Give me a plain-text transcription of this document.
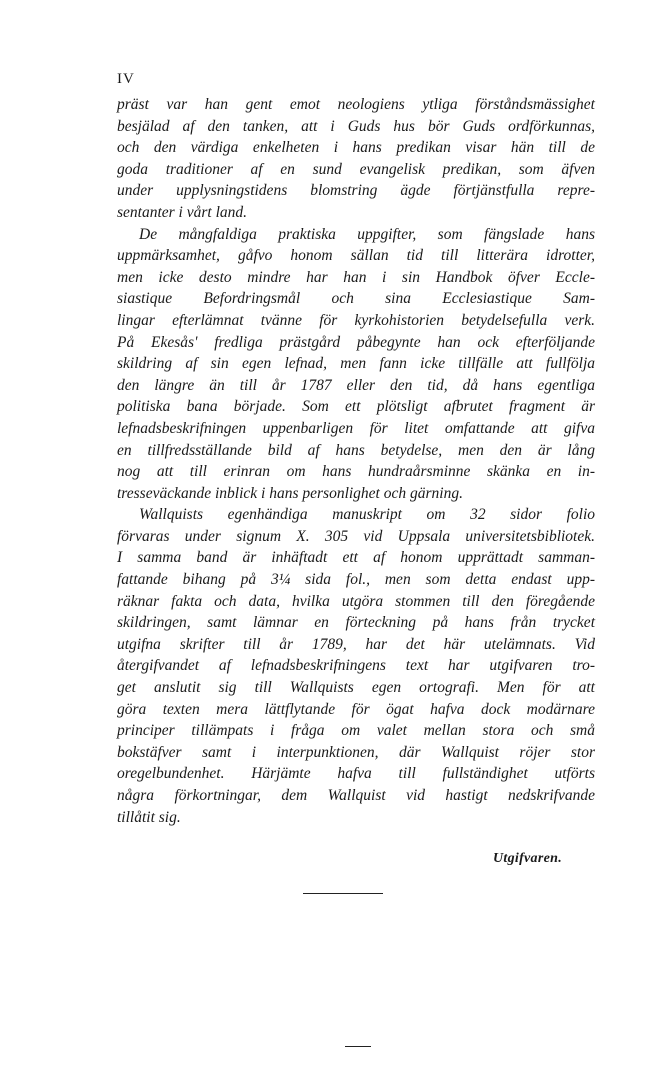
IV
präst var han gent emot neologiens ytliga förståndsmässighet
besjälad af den tanken, att i Guds hus bör Guds ordförkunnas,
och den värdiga enkelheten i hans predikan visar hän till de
goda traditioner af en sund evangelisk predikan, som äfven
under upplysningstidens blomstring ägde förtjänstfulla repre-
sentanter i vårt land.
De mångfaldiga praktiska uppgifter, som fängslade hans
uppmärksamhet, gåfvo honom sällan tid till litterära idrotter,
men icke desto mindre har han i sin Handbok öfver Eccle-
siastique Befordringsmål och sina Ecclesiastique Sam-
lingar efterlämnat tvänne för kyrkohistorien betydelsefulla verk.
På Ekesås' fredliga prästgård påbegynte han ock efterföljande
skildring af sin egen lefnad, men fann icke tillfälle att fullfölja
den längre än till år 1787 eller den tid, då hans egentliga
politiska bana började. Som ett plötsligt afbrutet fragment är
lefnadsbeskrifningen uppenbarligen för litet omfattande att gifva
en tillfredsställande bild af hans betydelse, men den är lång
nog att till erinran om hans hundraårsminne skänka en in-
tresseväckande inblick i hans personlighet och gärning.
Wallquists egenhändiga manuskript om 32 sidor folio
förvaras under signum X. 305 vid Uppsala universitetsbibliotek.
I samma band är inhäftadt ett af honom upprättadt samman-
fattande bihang på 3¼ sida fol., men som detta endast upp-
räknar fakta och data, hvilka utgöra stommen till den föregående
skildringen, samt lämnar en förteckning på hans från trycket
utgifna skrifter till år 1789, har det här utelämnats. Vid
återgifvandet af lefnadsbeskrifningens text har utgifvaren tro-
get anslutit sig till Wallquists egen ortografi. Men för att
göra texten mera lättflytande för ögat hafva dock modärnare
principer tillämpats i fråga om valet mellan stora och små
bokstäfver samt i interpunktionen, där Wallquist röjer stor
oregelbundenhet. Härjämte hafva till fullständighet utförts
några förkortningar, dem Wallquist vid hastigt nedskrifvande
tillåtit sig.
Utgifvaren.
